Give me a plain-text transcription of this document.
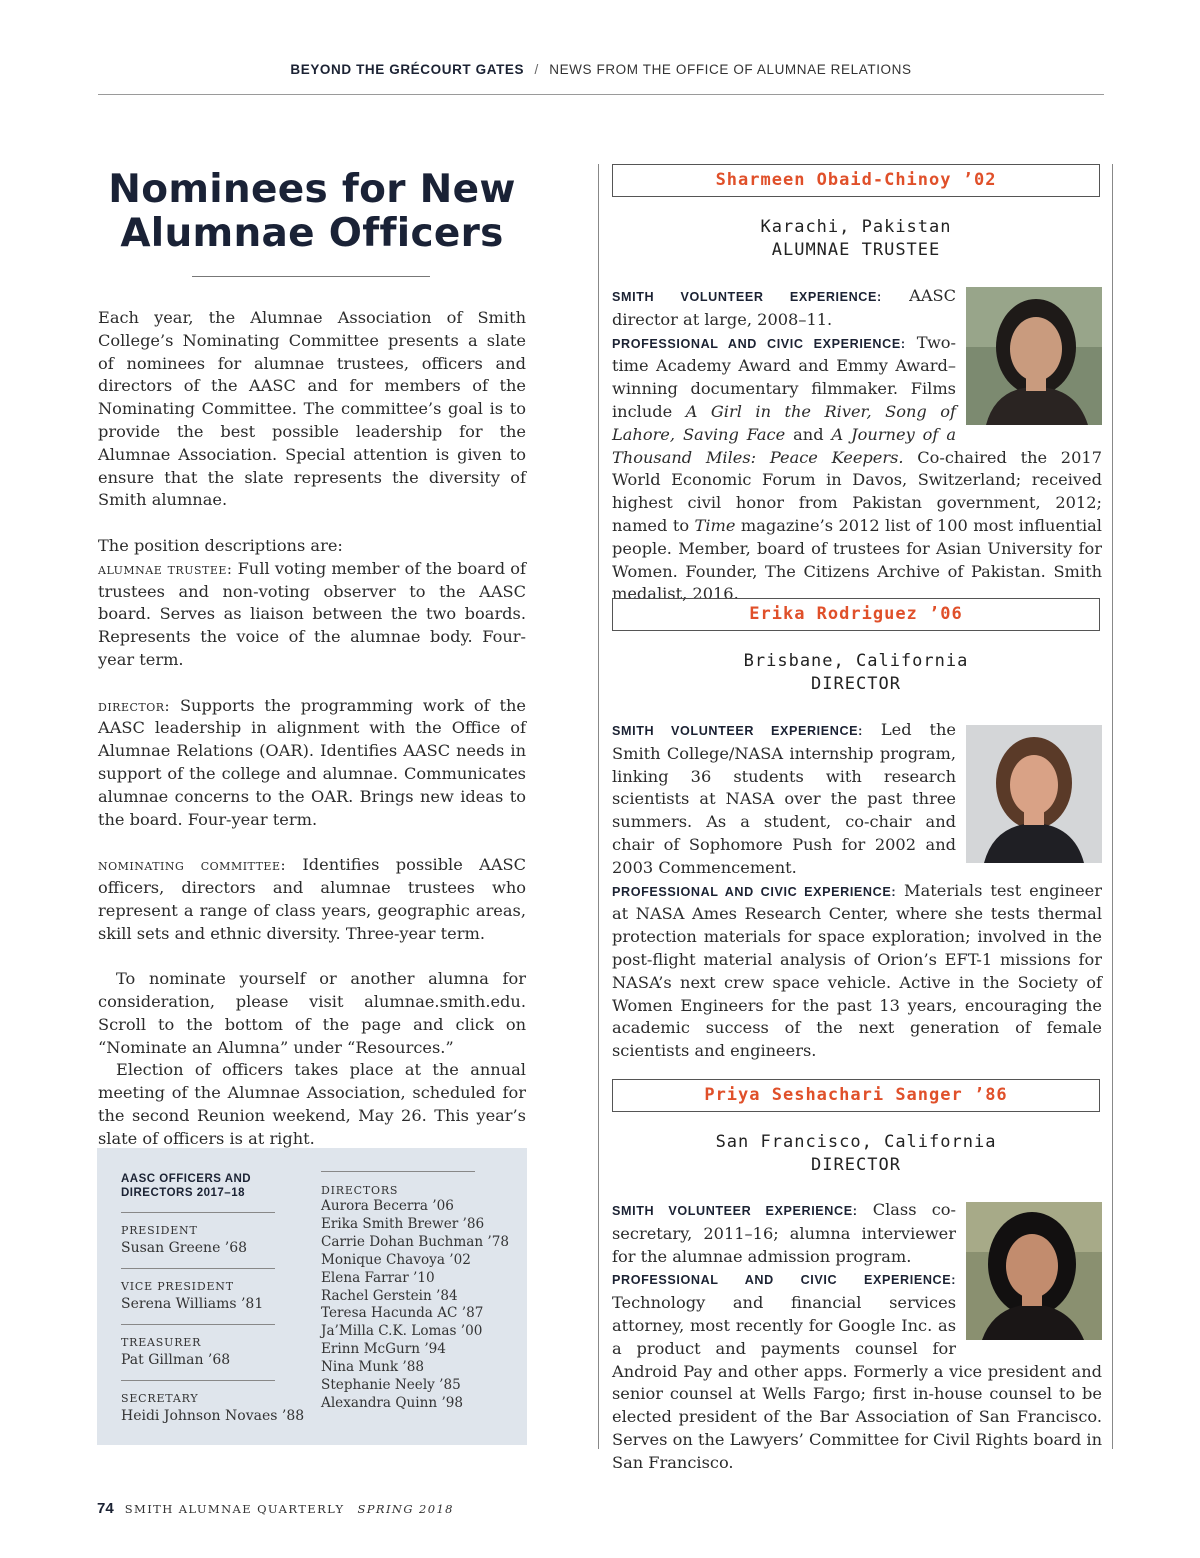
BEYOND THE GRÉCOURT GATES / NEWS FROM THE OFFICE OF ALUMNAE RELATIONS
Nominees for New
Alumnae Officers

Each year, the Alumnae Association of Smith College’s Nominating Committee presents a slate of nominees for alumnae trustees, officers and directors of the AASC and for members of the Nominating Committee. The committee’s goal is to provide the best possible leadership for the Alumnae Association. Special attention is given to ensure that the slate represents the diversity of Smith alumnae.

The position descriptions are:

alumnae trustee: Full voting member of the board of trustees and non-voting observer to the AASC board. Serves as liaison between the two boards. Represents the voice of the alumnae body. Four-year term.

director: Supports the programming work of the AASC leadership in alignment with the Office of Alumnae Relations (OAR). Identifies AASC needs in support of the college and alumnae. Communicates alumnae concerns to the OAR. Brings new ideas to the board. Four-year term.

nominating committee: Identifies possible AASC officers, directors and alumnae trustees who represent a range of class years, geographic areas, skill sets and ethnic diversity. Three-year term.

To nominate yourself or another alumna for consideration, please visit alumnae.smith.edu. Scroll to the bottom of the page and click on “Nominate an Alumna” under “Resources.”

Election of officers takes place at the annual meeting of the Alumnae Association, scheduled for the second Reunion weekend, May 26. This year’s slate of officers is at right.

AASC OFFICERS AND DIRECTORS 2017–18
PRESIDENT
Susan Greene ’68
VICE PRESIDENT
Serena Williams ’81
TREASURER
Pat Gillman ’68
SECRETARY
Heidi Johnson Novaes ’88
DIRECTORS
Aurora Becerra ’06
Erika Smith Brewer ’86
Carrie Dohan Buchman ’78
Monique Chavoya ’02
Elena Farrar ’10
Rachel Gerstein ’84
Teresa Hacunda AC ’87
Ja’Milla C.K. Lomas ’00
Erinn McGurn ’94
Nina Munk ’88
Stephanie Neely ’85
Alexandra Quinn ’98
Sharmeen Obaid-Chinoy ’02
Karachi, Pakistan
ALUMNAE TRUSTEE

SMITH VOLUNTEER EXPERIENCE: AASC director at large, 2008–11.

PROFESSIONAL AND CIVIC EXPERIENCE: Two-time Academy Award and Emmy Award–winning documentary filmmaker. Films include A Girl in the River, Song of Lahore, Saving Face and A Journey of a Thousand Miles: Peace Keepers. Co-chaired the 2017 World Economic Forum in Davos, Switzerland; received highest civil honor from Pakistan government, 2012; named to Time magazine’s 2012 list of 100 most influential people. Member, board of trustees for Asian University for Women. Founder, The Citizens Archive of Pakistan. Smith medalist, 2016.

Erika Rodriguez ’06
Brisbane, California
DIRECTOR

SMITH VOLUNTEER EXPERIENCE: Led the Smith College/NASA internship program, linking 36 students with research scientists at NASA over the past three summers. As a student, co-chair and chair of Sophomore Push for 2002 and 2003 Commencement.

PROFESSIONAL AND CIVIC EXPERIENCE: Materials test engineer at NASA Ames Research Center, where she tests thermal protection materials for space exploration; involved in the post-flight material analysis of Orion’s EFT-1 missions for NASA’s next crew space vehicle. Active in the Society of Women Engineers for the past 13 years, encouraging the academic success of the next generation of female scientists and engineers.

Priya Seshachari Sanger ’86
San Francisco, California
DIRECTOR

SMITH VOLUNTEER EXPERIENCE: Class co-secretary, 2011–16; alumna interviewer for the alumnae admission program.

PROFESSIONAL AND CIVIC EXPERIENCE: Technology and financial services attorney, most recently for Google Inc. as a product and payments counsel for Android Pay and other apps. Formerly a vice president and senior counsel at Wells Fargo; first in-house counsel to be elected president of the Bar Association of San Francisco. Serves on the Lawyers’ Committee for Civil Rights board in San Francisco.

74 SMITH ALUMNAE QUARTERLY SPRING 2018
